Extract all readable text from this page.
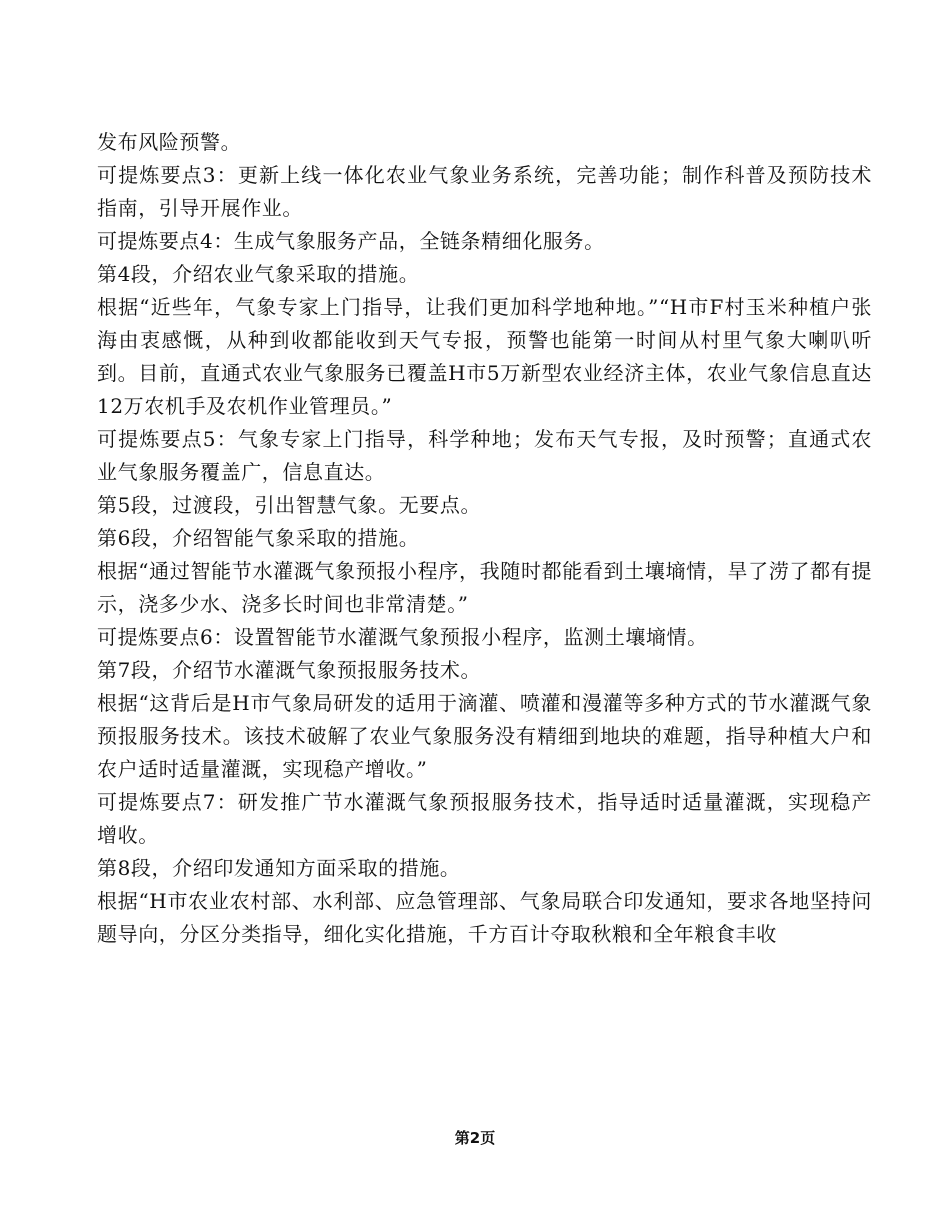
发布风险预警。

可提炼要点3：更新上线一体化农业气象业务系统，完善功能；制作科普及预防技术指南，引导开展作业。

可提炼要点4：生成气象服务产品，全链条精细化服务。

第4段，介绍农业气象采取的措施。

根据“近些年，气象专家上门指导，让我们更加科学地种地。”“H市F村玉米种植户张海由衷感慨，从种到收都能收到天气专报，预警也能第一时间从村里气象大喇叭听到。目前，直通式农业气象服务已覆盖H市5万新型农业经济主体，农业气象信息直达12万农机手及农机作业管理员。”

可提炼要点5：气象专家上门指导，科学种地；发布天气专报，及时预警；直通式农业气象服务覆盖广，信息直达。

第5段，过渡段，引出智慧气象。无要点。

第6段，介绍智能气象采取的措施。

根据“通过智能节水灌溉气象预报小程序，我随时都能看到土壤墒情，旱了涝了都有提示，浇多少水、浇多长时间也非常清楚。”

可提炼要点6：设置智能节水灌溉气象预报小程序，监测土壤墒情。

第7段，介绍节水灌溉气象预报服务技术。

根据“这背后是H市气象局研发的适用于滴灌、喷灌和漫灌等多种方式的节水灌溉气象预报服务技术。该技术破解了农业气象服务没有精细到地块的难题，指导种植大户和农户适时适量灌溉，实现稳产增收。”

可提炼要点7：研发推广节水灌溉气象预报服务技术，指导适时适量灌溉，实现稳产增收。

第8段，介绍印发通知方面采取的措施。

根据“H市农业农村部、水利部、应急管理部、气象局联合印发通知，要求各地坚持问题导向，分区分类指导，细化实化措施，千方百计夺取秋粮和全年粮食丰收

第2页
